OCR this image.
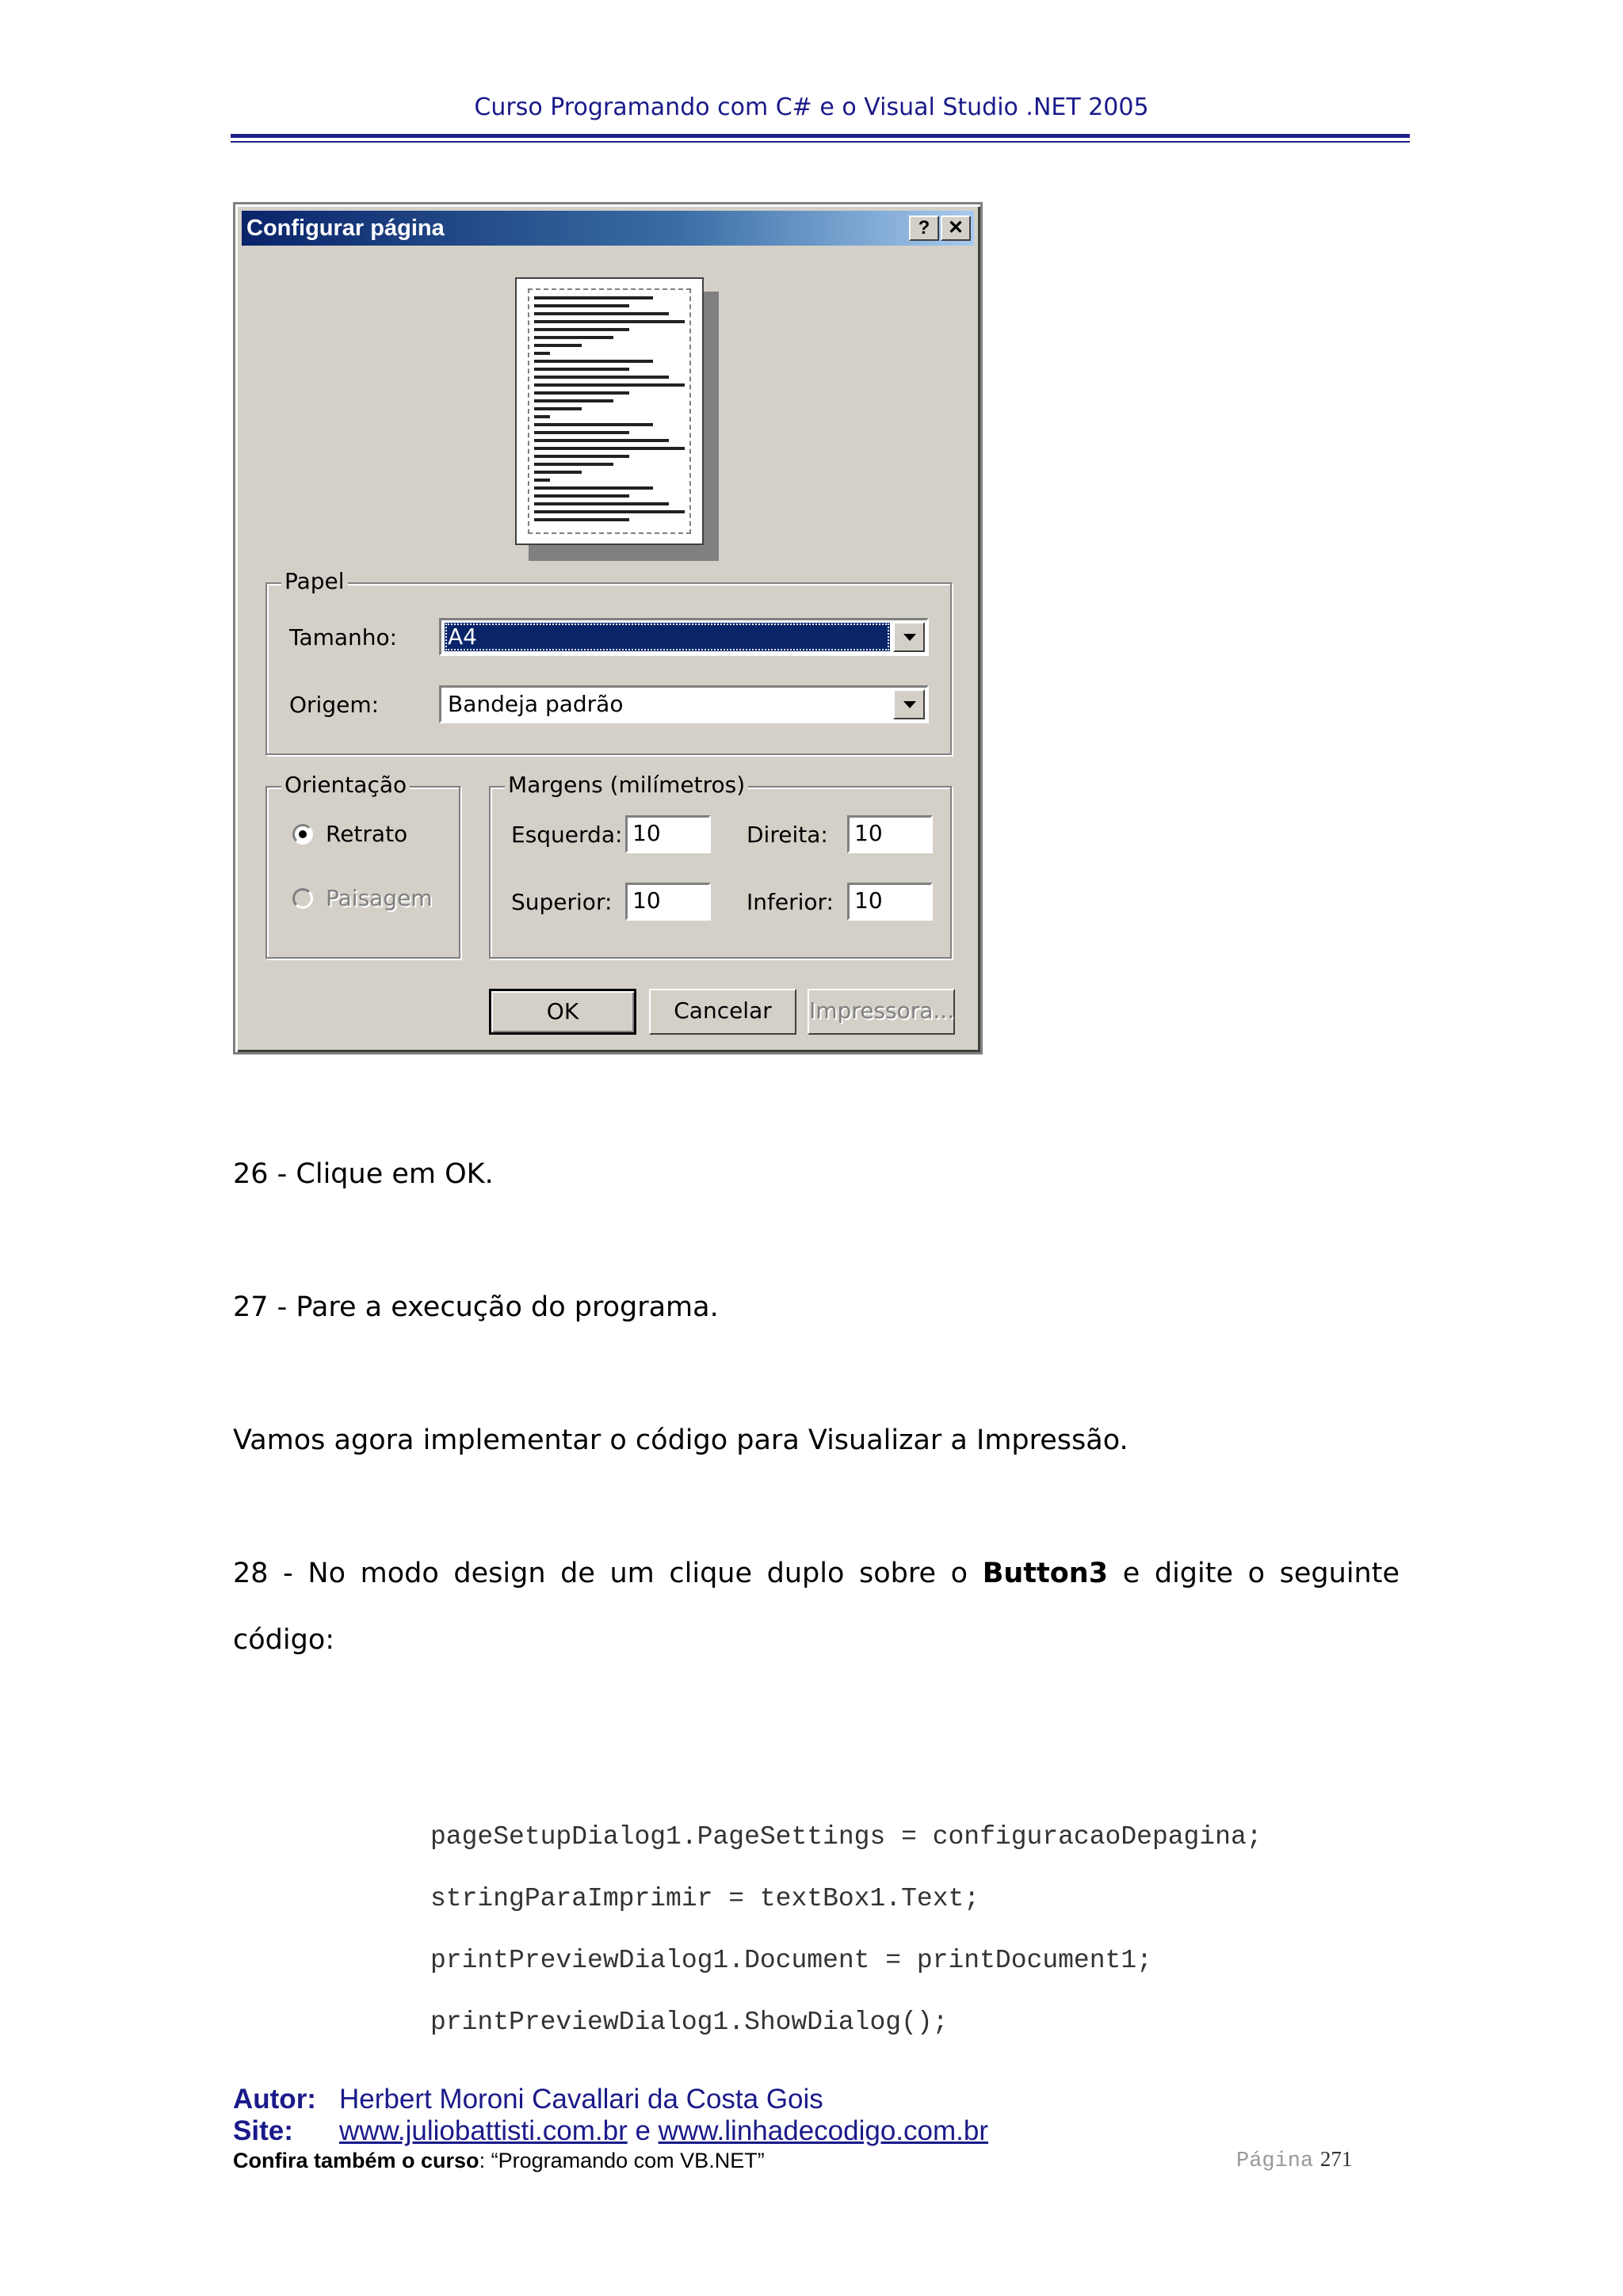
Curso Programando com C# e o Visual Studio .NET 2005
Configurar página	? ✕
Papel
Tamanho: A4
Origem:	Bandeja padrão
Orientação
Retrato
Paisagem
Margens (milímetros)
Esquerda: 10	Direita:	10
Superior: 10	Inferior: 10
OK	Cancelar	Impressora...
26 - Clique em OK.
27 - Pare a execução do programa.
Vamos agora implementar o código para Visualizar a Impressão.
28 - No modo design de um clique duplo sobre o Button3 e digite o seguinte
código:
pageSetupDialog1.PageSettings = configuracaoDepagina;
stringParaImprimir = textBox1.Text;
printPreviewDialog1.Document = printDocument1;
printPreviewDialog1.ShowDialog();
Autor: Herbert Moroni Cavallari da Costa Gois
Site: www.juliobattisti.com.br e www.linhadecodigo.com.br
Confira também o curso: “Programando com VB.NET”	Página 271
